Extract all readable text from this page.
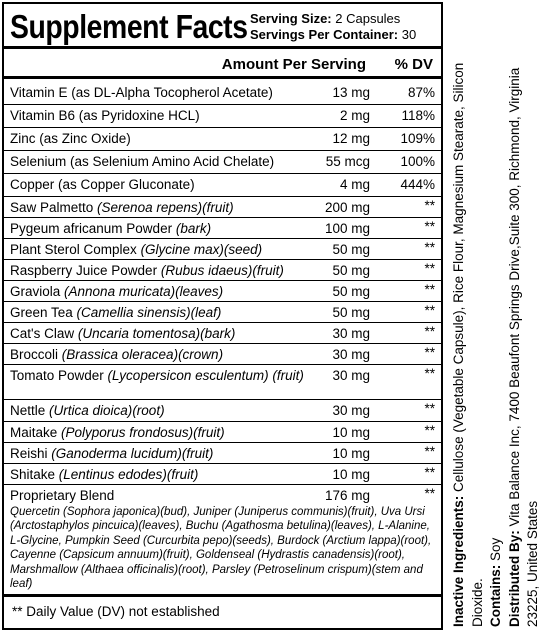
Supplement Facts Serving Size: 2 Capsules
Servings Per Container: 30
Amount Per Serving % DV
Vitamin E (as DL-Alpha Tocopherol Acetate)	13 mg	87%
Vitamin B6 (as Pyridoxine HCL)	2 mg 118%
Zinc (as Zinc Oxide)	12 mg 109%
Selenium (as Selenium Amino Acid Chelate)	55 mcg 100%
Copper (as Copper Gluconate)	4 mg 444%
Saw Palmetto (Serenoa repens)(fruit)	200 mg	**
Pygeum africanum Powder (bark)	100 mg	**
Plant Sterol Complex (Glycine max)(seed)	50 mg	**
Raspberry Juice Powder (Rubus idaeus)(fruit)	50 mg	**
Graviola (Annona muricata)(leaves)	50 mg	**
Green Tea (Camellia sinensis)(leaf)	50 mg	**
Cat's Claw (Uncaria tomentosa)(bark)	30 mg	**
Broccoli (Brassica oleracea)(crown)	30 mg	**
Tomato Powder (Lycopersicon esculentum) (fruit)	30 mg	**
Nettle (Urtica dioica)(root)	30 mg	**
Maitake (Polyporus frondosus)(fruit)	10 mg	**
Reishi (Ganoderma lucidum)(fruit)	10 mg	**
Shitake (Lentinus edodes)(fruit)	10 mg	**
Proprietary Blend	176 mg	**
Quercetin (Sophora japonica)(bud), Juniper (Juniperus communis)(fruit), Uva Ursi (Arctostaphylos pincuica)(leaves), Buchu (Agathosma betulina)(leaves), L-Alanine, L-Glycine, Pumpkin Seed (Curcurbita pepo)(seeds), Burdock (Arctium lappa)(root), Cayenne (Capsicum annuum)(fruit), Goldenseal (Hydrastis canadensis)(root), Marshmallow (Althaea officinalis)(root), Parsley (Petroselinum crispum)(stem and leaf)
** Daily Value (DV) not established	Inactive Ingredients: Cellulose (Vegetable Capsule), Rice Flour, Magnesium Stearate, Silicon Dioxide. Contains: Soy Distributed By: Vita Balance Inc, 7400 Beaufont Springs Drive,Suite 300, Richmond, Virginia 23225, United States
